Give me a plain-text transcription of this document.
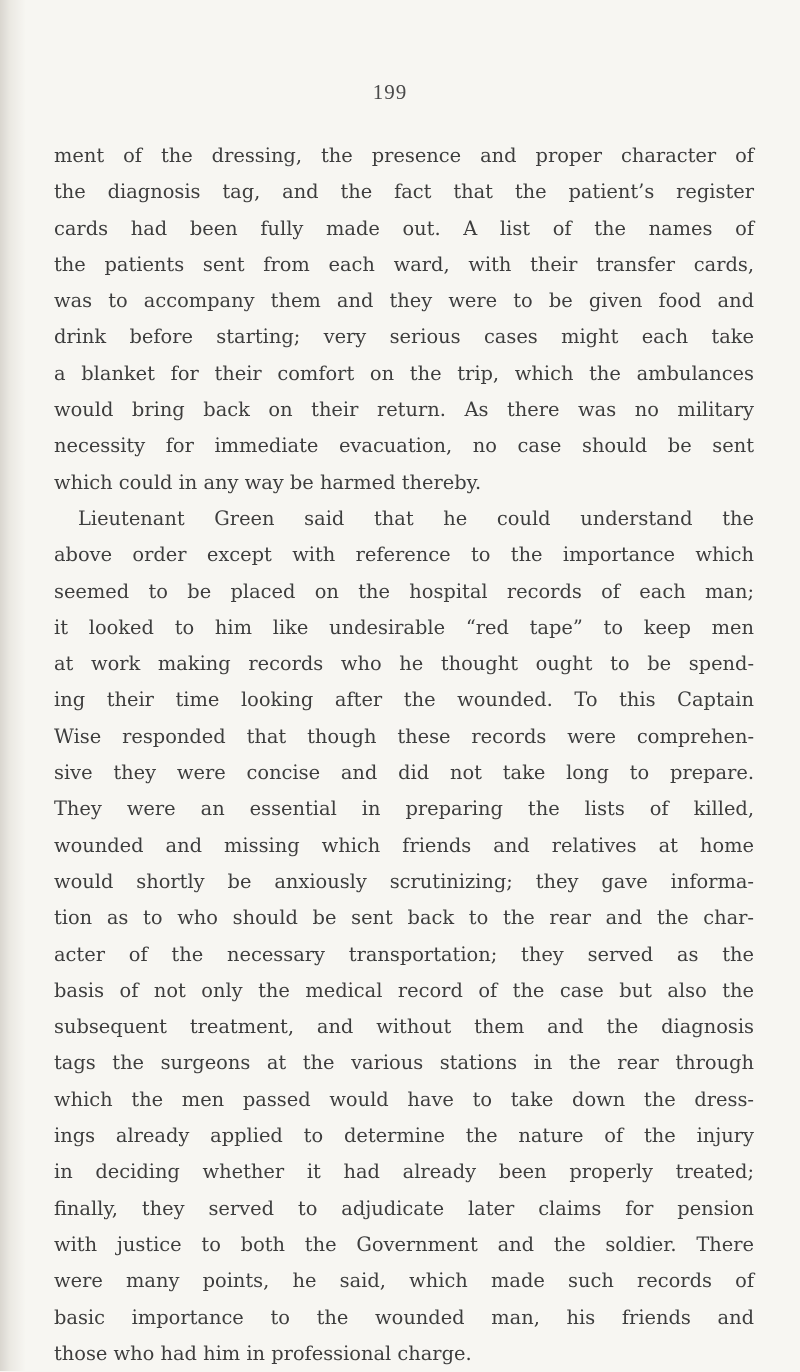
199
ment of the dressing, the presence and proper character of
the diagnosis tag, and the fact that the patient’s register
cards had been fully made out. A list of the names of
the patients sent from each ward, with their transfer cards,
was to accompany them and they were to be given food and
drink before starting; very serious cases might each take
a blanket for their comfort on the trip, which the ambulances
would bring back on their return. As there was no military
necessity for immediate evacuation, no case should be sent
which could in any way be harmed thereby.
Lieutenant Green said that he could understand the
above order except with reference to the importance which
seemed to be placed on the hospital records of each man;
it looked to him like undesirable “red tape” to keep men
at work making records who he thought ought to be spend-
ing their time looking after the wounded. To this Captain
Wise responded that though these records were comprehen-
sive they were concise and did not take long to prepare.
They were an essential in preparing the lists of killed,
wounded and missing which friends and relatives at home
would shortly be anxiously scrutinizing; they gave informa-
tion as to who should be sent back to the rear and the char-
acter of the necessary transportation; they served as the
basis of not only the medical record of the case but also the
subsequent treatment, and without them and the diagnosis
tags the surgeons at the various stations in the rear through
which the men passed would have to take down the dress-
ings already applied to determine the nature of the injury
in deciding whether it had already been properly treated;
finally, they served to adjudicate later claims for pension
with justice to both the Government and the soldier. There
were many points, he said, which made such records of
basic importance to the wounded man, his friends and
those who had him in professional charge.
